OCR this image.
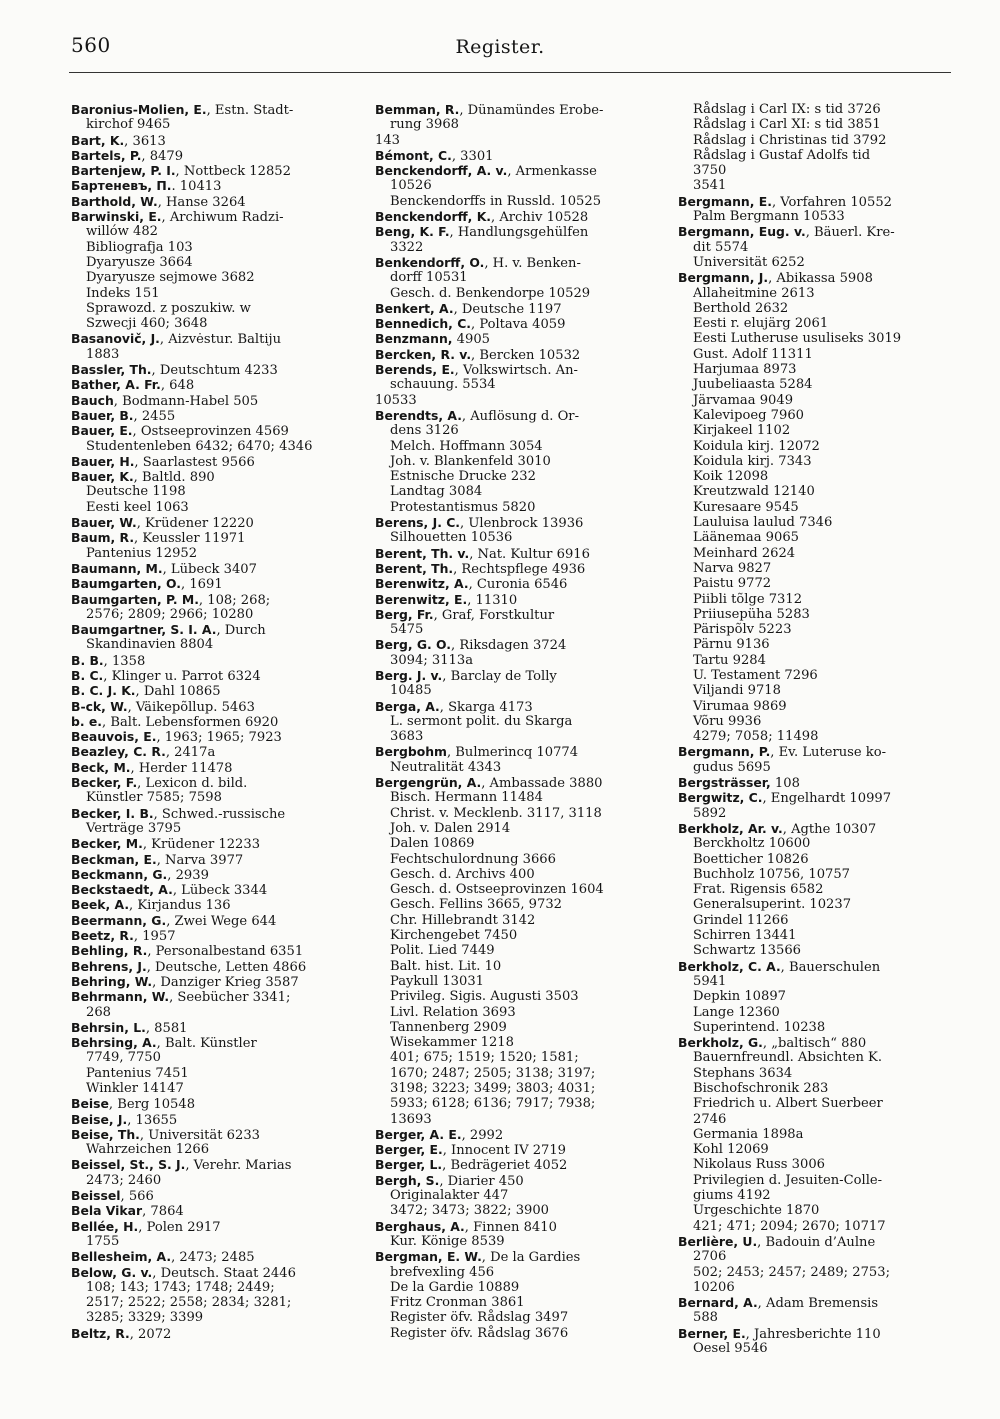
560	Register.
Baronius-Molien, E., Estn. Stadt-
kirchof 9465
Bart, K., 3613
Bartels, P., 8479
Bartenjew, P. I., Nottbeck 12852
Бартеневъ, П.. 10413
Barthold, W., Hanse 3264
Barwinski, E., Archiwum Radzi-
willów 482
Bibliografja 103
Dyaryusze 3664
Dyaryusze sejmowe 3682
Indeks 151
Sprawozd. z poszukiw. w
Szwecji 460; 3648
Basanovič, J., Aizvėstur. Baltiju
1883
Bassler, Th., Deutschtum 4233
Bather, A. Fr., 648
Bauch, Bodmann-Habel 505
Bauer, B., 2455
Bauer, E., Ostseeprovinzen 4569
Studentenleben 6432; 6470; 4346
Bauer, H., Saarlastest 9566
Bauer, K., Baltld. 890
Deutsche 1198
Eesti keel 1063
Bauer, W., Krüdener 12220
Baum, R., Keussler 11971
Pantenius 12952
Baumann, M., Lübeck 3407
Baumgarten, O., 1691
Baumgarten, P. M., 108; 268;
2576; 2809; 2966; 10280
Baumgartner, S. I. A., Durch
Skandinavien 8804
B. B., 1358
B. C., Klinger u. Parrot 6324
B. C. J. K., Dahl 10865
B-ck, W., Väikepõllup. 5463
b. e., Balt. Lebensformen 6920
Beauvois, E., 1963; 1965; 7923
Beazley, C. R., 2417a
Beck, M., Herder 11478
Becker, F., Lexicon d. bild.
Künstler 7585; 7598
Becker, I. B., Schwed.-russische
Verträge 3795
Becker, M., Krüdener 12233
Beckman, E., Narva 3977
Beckmann, G., 2939
Beckstaedt, A., Lübeck 3344
Beek, A., Kirjandus 136
Beermann, G., Zwei Wege 644
Beetz, R., 1957
Behling, R., Personalbestand 6351
Behrens, J., Deutsche, Letten 4866
Behring, W., Danziger Krieg 3587
Behrmann, W., Seebücher 3341;
268
Behrsin, L., 8581
Behrsing, A., Balt. Künstler
7749, 7750
Pantenius 7451
Winkler 14147
Beise, Berg 10548
Beise, J., 13655
Beise, Th., Universität 6233
Wahrzeichen 1266
Beissel, St., S. J., Verehr. Marias
2473; 2460
Beissel, 566
Bela Vikar, 7864
Bellée, H., Polen 2917
1755
Bellesheim, A., 2473; 2485
Below, G. v., Deutsch. Staat 2446
108; 143; 1743; 1748; 2449;
2517; 2522; 2558; 2834; 3281;
3285; 3329; 3399
Beltz, R., 2072
Bemman, R., Dünamündes Erobe-
rung 3968
143
Bémont, C., 3301
Benckendorff, A. v., Armenkasse
10526
Benckendorffs in Russld. 10525
Benckendorff, K., Archiv 10528
Beng, K. F., Handlungsgehülfen
3322
Benkendorff, O., H. v. Benken-
dorff 10531
Gesch. d. Benkendorpe 10529
Benkert, A., Deutsche 1197
Bennedich, C., Poltava 4059
Benzmann, 4905
Bercken, R. v., Bercken 10532
Berends, E., Volkswirtsch. An-
schauung. 5534
10533
Berendts, A., Auflösung d. Or-
dens 3126
Melch. Hoffmann 3054
Joh. v. Blankenfeld 3010
Estnische Drucke 232
Landtag 3084
Protestantismus 5820
Berens, J. C., Ulenbrock 13936
Silhouetten 10536
Berent, Th. v., Nat. Kultur 6916
Berent, Th., Rechtspflege 4936
Berenwitz, A., Curonia 6546
Berenwitz, E., 11310
Berg, Fr., Graf, Forstkultur
5475
Berg, G. O., Riksdagen 3724
3094; 3113a
Berg. J. v., Barclay de Tolly
10485
Berga, A., Skarga 4173
L. sermont polit. du Skarga
3683
Bergbohm, Bulmerincq 10774
Neutralität 4343
Bergengrün, A., Ambassade 3880
Bisch. Hermann 11484
Christ. v. Mecklenb. 3117, 3118
Joh. v. Dalen 2914
Dalen 10869
Fechtschulordnung 3666
Gesch. d. Archivs 400
Gesch. d. Ostseeprovinzen 1604
Gesch. Fellins 3665, 9732
Chr. Hillebrandt 3142
Kirchengebet 7450
Polit. Lied 7449
Balt. hist. Lit. 10
Paykull 13031
Privileg. Sigis. Augusti 3503
Livl. Relation 3693
Tannenberg 2909
Wisekammer 1218
401; 675; 1519; 1520; 1581;
1670; 2487; 2505; 3138; 3197;
3198; 3223; 3499; 3803; 4031;
5933; 6128; 6136; 7917; 7938;
13693
Berger, A. E., 2992
Berger, E., Innocent IV 2719
Berger, L., Bedrägeriet 4052
Bergh, S., Diarier 450
Originalakter 447
3472; 3473; 3822; 3900
Berghaus, A., Finnen 8410
Kur. Könige 8539
Bergman, E. W., De la Gardies
brefvexling 456
De la Gardie 10889
Fritz Cronman 3861
Register öfv. Rådslag 3497
Register öfv. Rådslag 3676
Rådslag i Carl IX: s tid 3726
Rådslag i Carl XI: s tid 3851
Rådslag i Christinas tid 3792
Rådslag i Gustaf Adolfs tid
3750
3541
Bergmann, E., Vorfahren 10552
Palm Bergmann 10533
Bergmann, Eug. v., Bäuerl. Kre-
dit 5574
Universität 6252
Bergmann, J., Abikassa 5908
Allaheitmine 2613
Berthold 2632
Eesti r. elujärg 2061
Eesti Lutheruse usuliseks 3019
Gust. Adolf 11311
Harjumaa 8973
Juubeliaasta 5284
Järvamaa 9049
Kalevipoeg 7960
Kirjakeel 1102
Koidula kirj. 12072
Koidula kirj. 7343
Koik 12098
Kreutzwald 12140
Kuresaare 9545
Lauluisa laulud 7346
Läänemaa 9065
Meinhard 2624
Narva 9827
Paistu 9772
Piibli tõlge 7312
Priiusepüha 5283
Pärispõlv 5223
Pärnu 9136
Tartu 9284
U. Testament 7296
Viljandi 9718
Virumaa 9869
Võru 9936
4279; 7058; 11498
Bergmann, P., Ev. Luteruse ko-
gudus 5695
Bergsträsser, 108
Bergwitz, C., Engelhardt 10997
5892
Berkholz, Ar. v., Agthe 10307
Berckholtz 10600
Boetticher 10826
Buchholz 10756, 10757
Frat. Rigensis 6582
Generalsuperint. 10237
Grindel 11266
Schirren 13441
Schwartz 13566
Berkholz, C. A., Bauerschulen
5941
Depkin 10897
Lange 12360
Superintend. 10238
Berkholz, G., „baltisch“ 880
Bauernfreundl. Absichten K.
Stephans 3634
Bischofschronik 283
Friedrich u. Albert Suerbeer
2746
Germania 1898a
Kohl 12069
Nikolaus Russ 3006
Privilegien d. Jesuiten-Colle-
giums 4192
Urgeschichte 1870
421; 471; 2094; 2670; 10717
Berlière, U., Badouin d’Aulne
2706
502; 2453; 2457; 2489; 2753;
10206
Bernard, A., Adam Bremensis
588
Berner, E., Jahresberichte 110
Oesel 9546
